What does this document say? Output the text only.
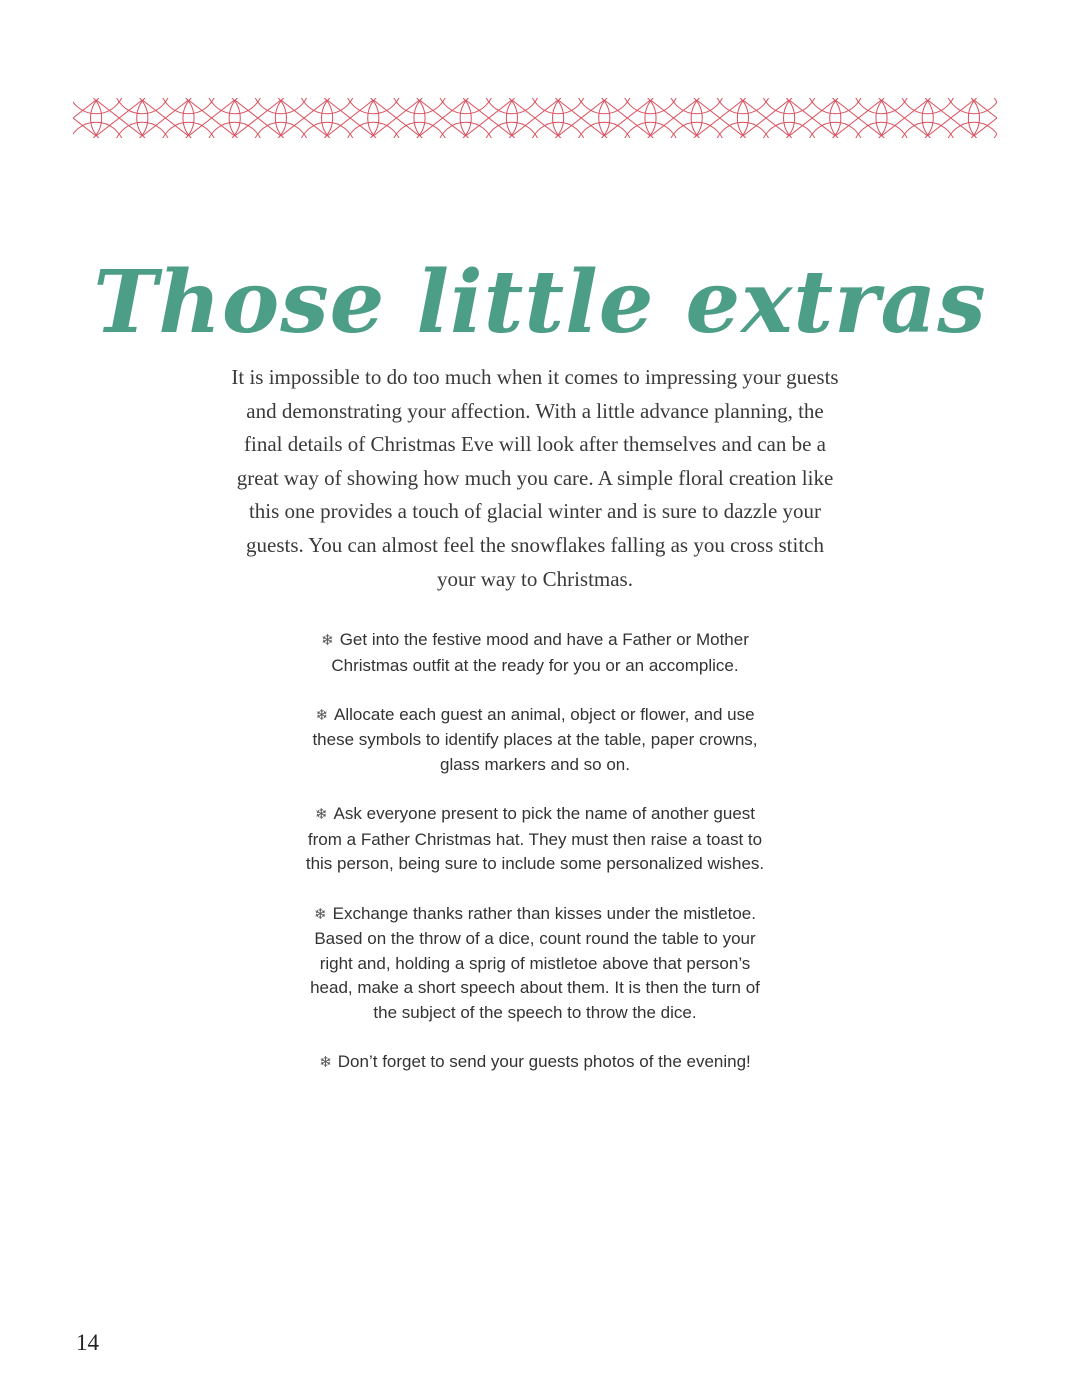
Those little extras

It is impossible to do too much when it comes to impressing your guests and demonstrating your affection. With a little advance planning, the final details of Christmas Eve will look after themselves and can be a great way of showing how much you care. A simple floral creation like this one provides a touch of glacial winter and is sure to dazzle your guests. You can almost feel the snowflakes falling as you cross stitch your way to Christmas.

❄ Get into the festive mood and have a Father or Mother Christmas outfit at the ready for you or an accomplice.

❄ Allocate each guest an animal, object or flower, and use these symbols to identify places at the table, paper crowns, glass markers and so on.

❄ Ask everyone present to pick the name of another guest from a Father Christmas hat. They must then raise a toast to this person, being sure to include some personalized wishes.

❄ Exchange thanks rather than kisses under the mistletoe. Based on the throw of a dice, count round the table to your right and, holding a sprig of mistletoe above that person’s head, make a short speech about them. It is then the turn of the subject of the speech to throw the dice.

❄ Don’t forget to send your guests photos of the evening!

14
